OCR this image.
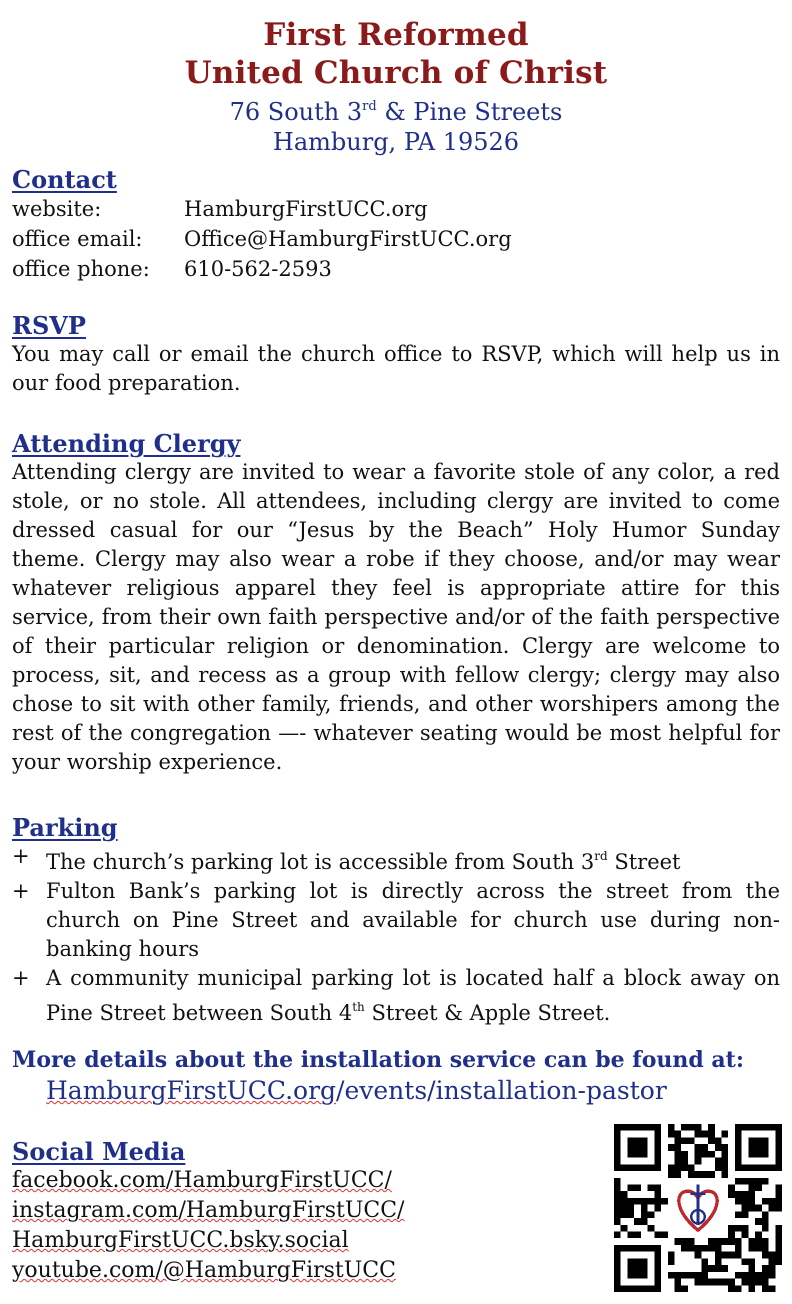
First Reformed
United Church of Christ
76 South 3rd & Pine Streets
Hamburg, PA 19526
Contact
website:	HamburgFirstUCC.org
office email:	Office@HamburgFirstUCC.org
office phone:	610-562-2593
RSVP
You may call or email the church office to RSVP, which will help us in our food preparation.
Attending Clergy
Attending clergy are invited to wear a favorite stole of any color, a red stole, or no stole. All attendees, including clergy are invited to come dressed casual for our “Jesus by the Beach” Holy Humor Sunday theme. Clergy may also wear a robe if they choose, and/or may wear whatever religious apparel they feel is appropriate attire for this service, from their own faith perspective and/or of the faith perspective of their particular religion or denomination. Clergy are welcome to process, sit, and recess as a group with fellow clergy; clergy may also chose to sit with other family, friends, and other worshipers among the rest of the congregation —- whatever seating would be most helpful for your worship experience.
Parking
+ The church’s parking lot is accessible from South 3rd Street
+ Fulton Bank’s parking lot is directly across the street from the church on Pine Street and available for church use during non-banking hours
+ A community municipal parking lot is located half a block away on Pine Street between South 4th Street & Apple Street.
More details about the installation service can be found at:
HamburgFirstUCC.org/events/installation-pastor
Social Media
facebook.com/HamburgFirstUCC/
instagram.com/HamburgFirstUCC/
HamburgFirstUCC.bsky.social
youtube.com/@HamburgFirstUCC
